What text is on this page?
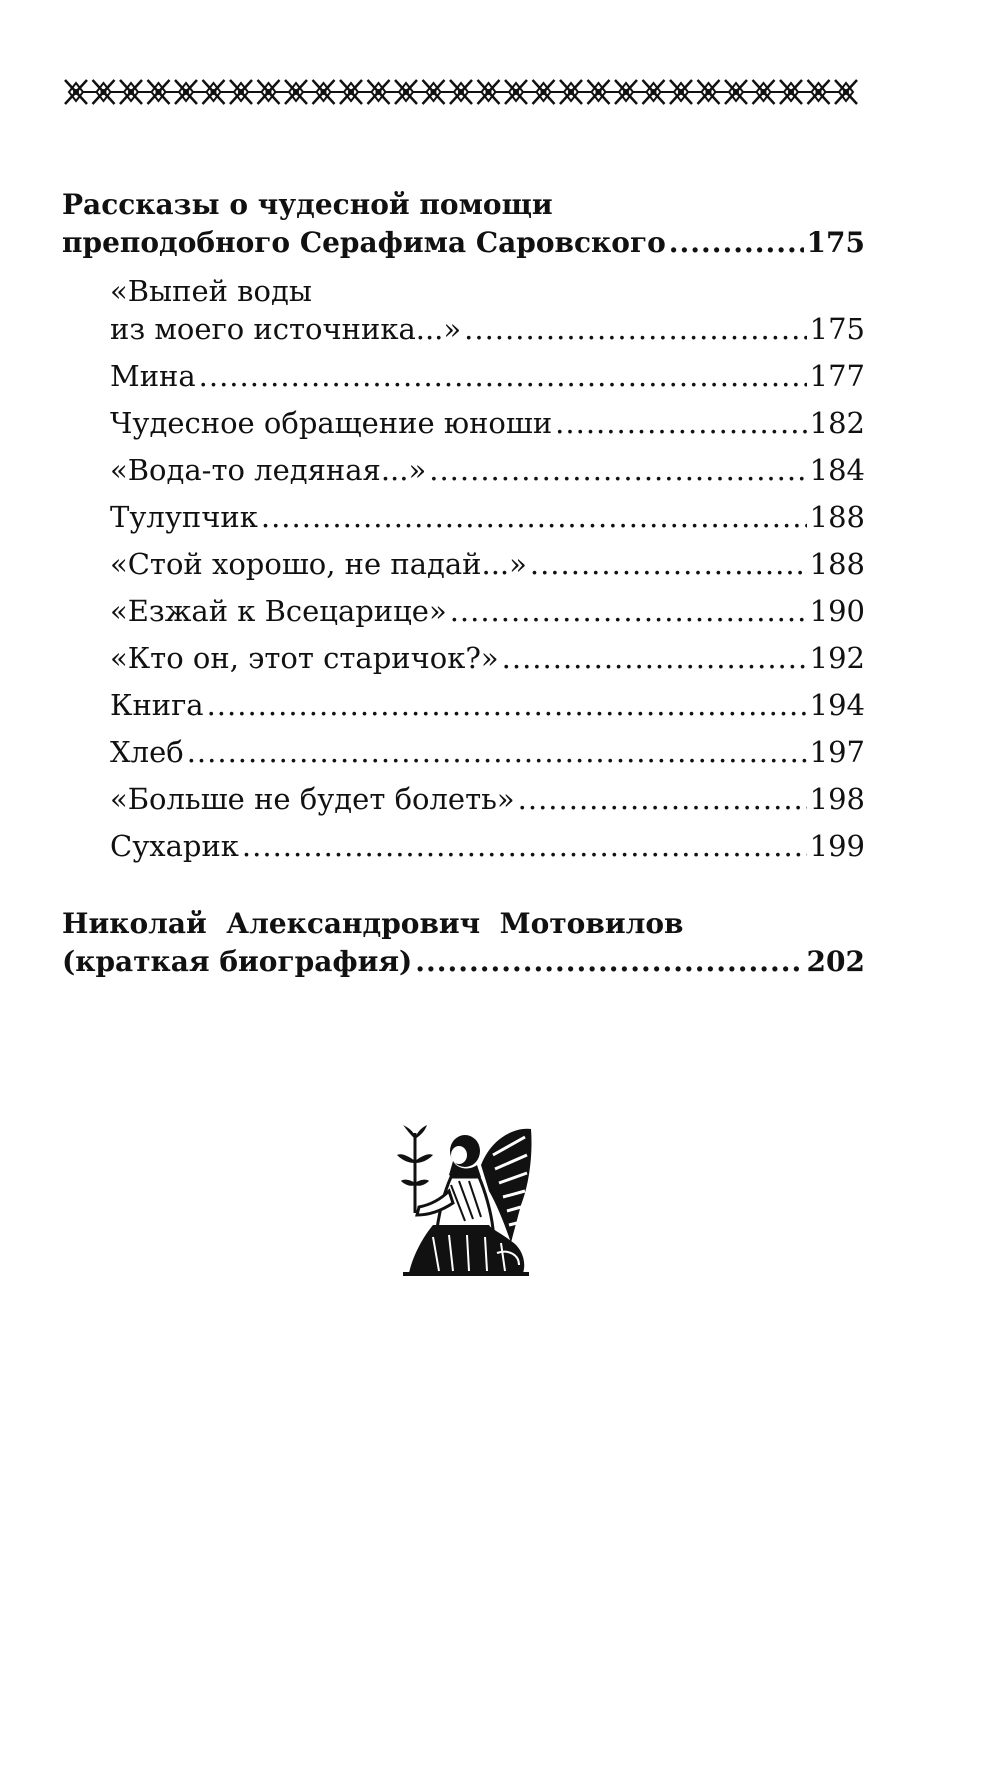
Рассказы о чудесной помощи
преподобного Серафима Саровского .....	175
«Выпей воды
из моего источника...» .....	175
Мина .....	177
Чудесное обращение юноши .....	182
«Вода-то ледяная...» .....	184
Тулупчик .....	188
«Стой хорошо, не падай...» .....	188
«Езжай к Всецарице» .....	190
«Кто он, этот старичок?» .....	192
Книга .....	194
Хлеб .....	197
«Больше не будет болеть» .....	198
Сухарик .....	199
Николай  Александрович  Мотовилов
(краткая биография) .....	202
